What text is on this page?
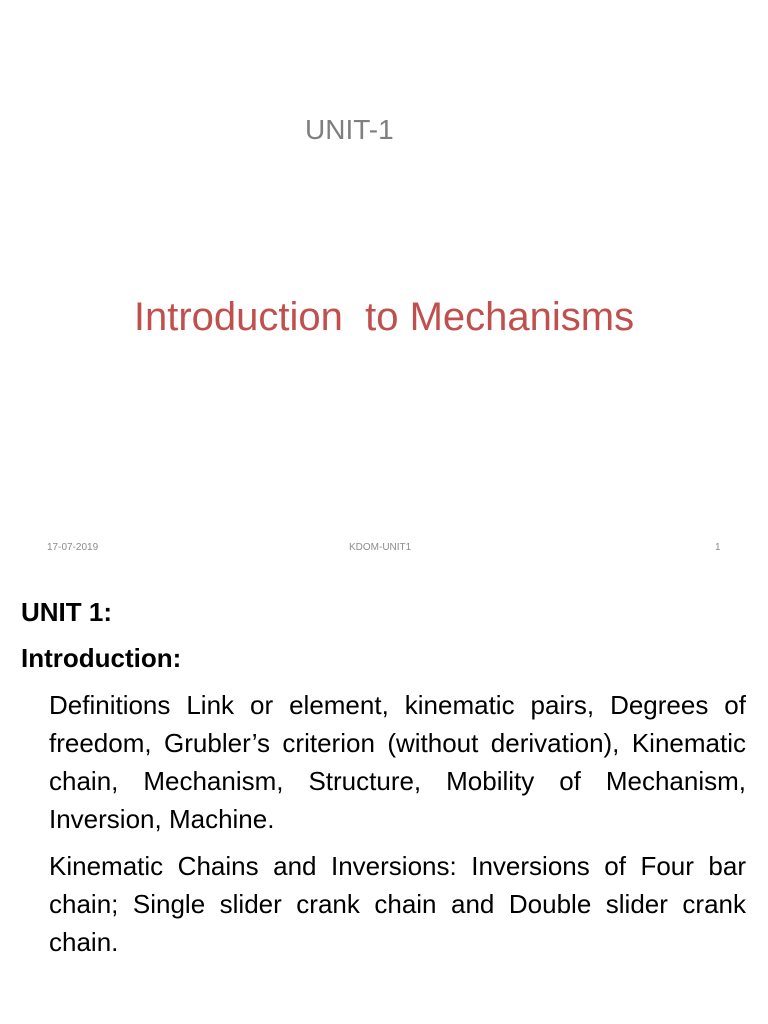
UNIT-1
Introduction  to Mechanisms
17-07-2019	KDOM-UNIT1	1
UNIT 1:
Introduction:

Definitions Link or element, kinematic pairs, Degrees of freedom, Grubler’s criterion (without derivation), Kinematic chain, Mechanism, Structure, Mobility of Mechanism, Inversion, Machine.

Kinematic Chains and Inversions: Inversions of Four bar chain; Single slider crank chain and Double slider crank chain.
